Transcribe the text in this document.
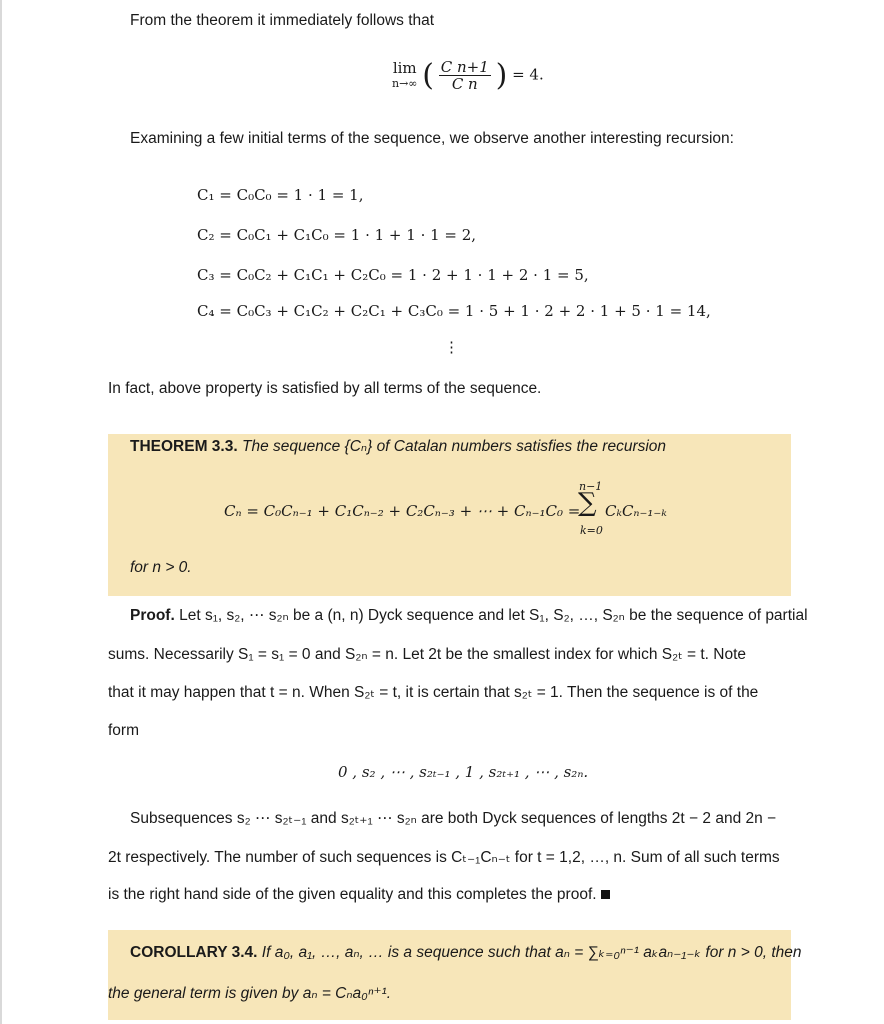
From the theorem it immediately follows that
lim
n→∞ ( $\frac{\text{C n+1}}{\text{C n}}$ ) = 4.
Examining a few initial terms of the sequence, we observe another interesting recursion:
C₁ = C₀C₀ = 1 · 1 = 1,
C₂ = C₀C₁ + C₁C₀ = 1 · 1 + 1 · 1 = 2,
C₃ = C₀C₂ + C₁C₁ + C₂C₀ = 1 · 2 + 1 · 1 + 2 · 1 = 5,
C₄ = C₀C₃ + C₁C₂ + C₂C₁ + C₃C₀ = 1 · 5 + 1 · 2 + 2 · 1 + 5 · 1 = 14,
⋮
In fact, above property is satisfied by all terms of the sequence.
THEOREM 3.3. The sequence {Cₙ} of Catalan numbers satisfies the recursion
Cₙ = C₀Cₙ₋₁ + C₁Cₙ₋₂ + C₂Cₙ₋₃ + ⋯ + Cₙ₋₁C₀ =
n−1
∑
k=0
CₖCₙ₋₁₋ₖ
for n > 0.
Proof. Let s₁, s₂, ⋯ s₂ₙ be a (n, n) Dyck sequence and let S₁, S₂, …, S₂ₙ be the sequence of partial
sums. Necessarily S₁ = s₁ = 0 and S₂ₙ = n. Let 2t be the smallest index for which S₂ₜ = t. Note
that it may happen that t = n. When S₂ₜ = t, it is certain that s₂ₜ = 1. Then the sequence is of the
form
0 , s₂ , ⋯ , s₂ₜ₋₁ , 1 , s₂ₜ₊₁ , ⋯ , s₂ₙ.
Subsequences s₂ ⋯ s₂ₜ₋₁ and s₂ₜ₊₁ ⋯ s₂ₙ are both Dyck sequences of lengths 2t − 2 and 2n −
2t respectively. The number of such sequences is Cₜ₋₁Cₙ₋ₜ for t = 1,2, …, n. Sum of all such terms
is the right hand side of the given equality and this completes the proof.
COROLLARY 3.4. If a₀, a₁, …, aₙ, … is a sequence such that aₙ = ∑ₖ₌₀ⁿ⁻¹ aₖaₙ₋₁₋ₖ for n > 0, then
the general term is given by aₙ = Cₙa₀ⁿ⁺¹.
